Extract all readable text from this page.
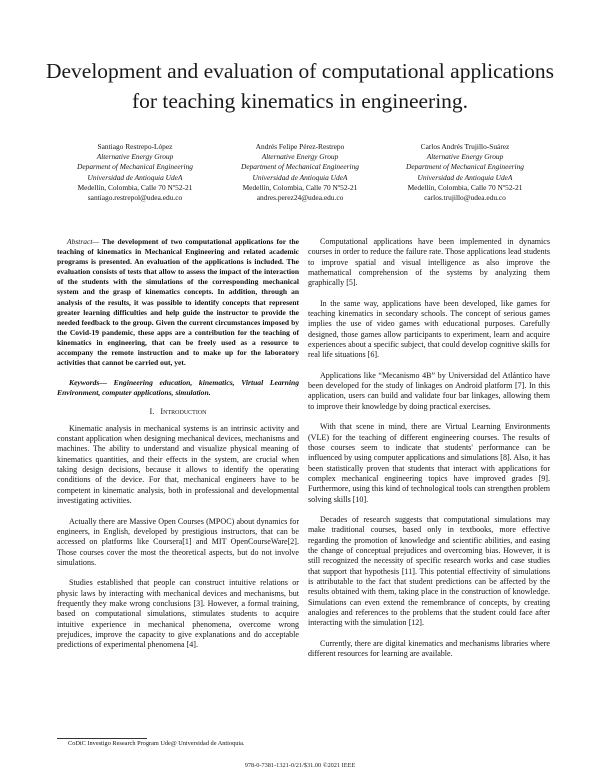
Development and evaluation of computational applications for teaching kinematics in engineering.
Santiago Restrepo-López
Alternative Energy Group
Deparment of Mechanical Engineering
Universidad de Antioquia UdeA
Medellín, Colombia, Calle 70 Nº52-21
santiago.restrepol@udea.edu.co
Andrés Felipe Pérez-Restrepo
Alternative Energy Group
Department of Mechanical Engineering
Universidad de Antioquia UdeA
Medellín, Colombia, Calle 70 Nº52-21
andres.perez24@udea.edu.co
Carlos Andrés Trujillo-Suárez
Alternative Energy Group
Department of Mechanical Engineering
Universidad de Antioquia UdeA
Medellín, Colombia, Calle 70 Nº52-21
carlos.trujillo@udea.edu.co

Abstract— The development of two computational applications for the teaching of kinematics in Mechanical Engineering and related academic programs is presented. An evaluation of the applications is included. The evaluation consists of tests that allow to assess the impact of the interaction of the students with the simulations of the corresponding mechanical system and the grasp of kinematics concepts. In addition, through an analysis of the results, it was possible to identify concepts that represent greater learning difficulties and help guide the instructor to provide the needed feedback to the group. Given the current circumstances imposed by the Covid-19 pandemic, these apps are a contribution for the teaching of kinematics in engineering, that can be freely used as a resource to accompany the remote instruction and to make up for the laboratory activities that cannot be carried out, yet.

Keywords— Engineering education, kinematics, Virtual Learning Environment, computer applications, simulation.

I. Introduction

Kinematic analysis in mechanical systems is an intrinsic activity and constant application when designing mechanical devices, mechanisms and machines. The ability to understand and visualize physical meaning of kinematics quantities, and their effects in the system, are crucial when taking design decisions, because it allows to identify the operating conditions of the device. For that, mechanical engineers have to be competent in kinematic analysis, both in professional and developmental investigating activities.

Actually there are Massive Open Courses (MPOC) about dynamics for engineers, in English, developed by prestigious instructors, that can be accessed on platforms like Coursera[1] and MIT OpenCourseWare[2]. Those courses cover the most the theoretical aspects, but do not involve simulations.

Studies established that people can construct intuitive relations or physic laws by interacting with mechanical devices and mechanisms, but frequently they make wrong conclusions [3]. However, a formal training, based on computational simulations, stimulates students to acquire intuitive experience in mechanical phenomena, overcome wrong prejudices, improve the capacity to give explanations and do acceptable predictions of experimental phenomena [4].

Computational applications have been implemented in dynamics courses in order to reduce the failure rate. Those applications lead students to improve spatial and visual intelligence as also improve the mathematical comprehension of the systems by analyzing them graphically [5].

In the same way, applications have been developed, like games for teaching kinematics in secondary schools. The concept of serious games implies the use of video games with educational purposes. Carefully designed, those games allow participants to experiment, learn and acquire experiences about a specific subject, that could develop cognitive skills for real life situations [6].

Applications like “Mecanismo 4B” by Universidad del Atlántico have been developed for the study of linkages on Android platform [7]. In this application, users can build and validate four bar linkages, allowing them to improve their knowledge by doing practical exercises.

With that scene in mind, there are Virtual Learning Environments (VLE) for the teaching of different engineering courses. The results of those courses seem to indicate that students' performance can be influenced by using computer applications and simulations [8]. Also, it has been statistically proven that students that interact with applications for complex mechanical engineering topics have improved grades [9]. Furthermore, using this kind of technological tools can strengthen problem solving skills [10].

Decades of research suggests that computational simulations may make traditional courses, based only in textbooks, more effective regarding the promotion of knowledge and scientific abilities, and easing the change of conceptual prejudices and overcoming bias. However, it is still recognized the necessity of specific research works and case studies that support that hypothesis [11]. This potential effectivity of simulations is attributable to the fact that student predictions can be affected by the results obtained with them, taking place in the construction of knowledge. Simulations can even extend the remembrance of concepts, by creating analogies and references to the problems that the student could face after interacting with the simulation [12].

Currently, there are digital kinematics and mechanisms libraries where different resources for learning are available.

CoDiC Investigo Research Program Ude@ Universidad de Antioquia.
978-0-7381-1321-0/21/$31.00 ©2021 IEEE
